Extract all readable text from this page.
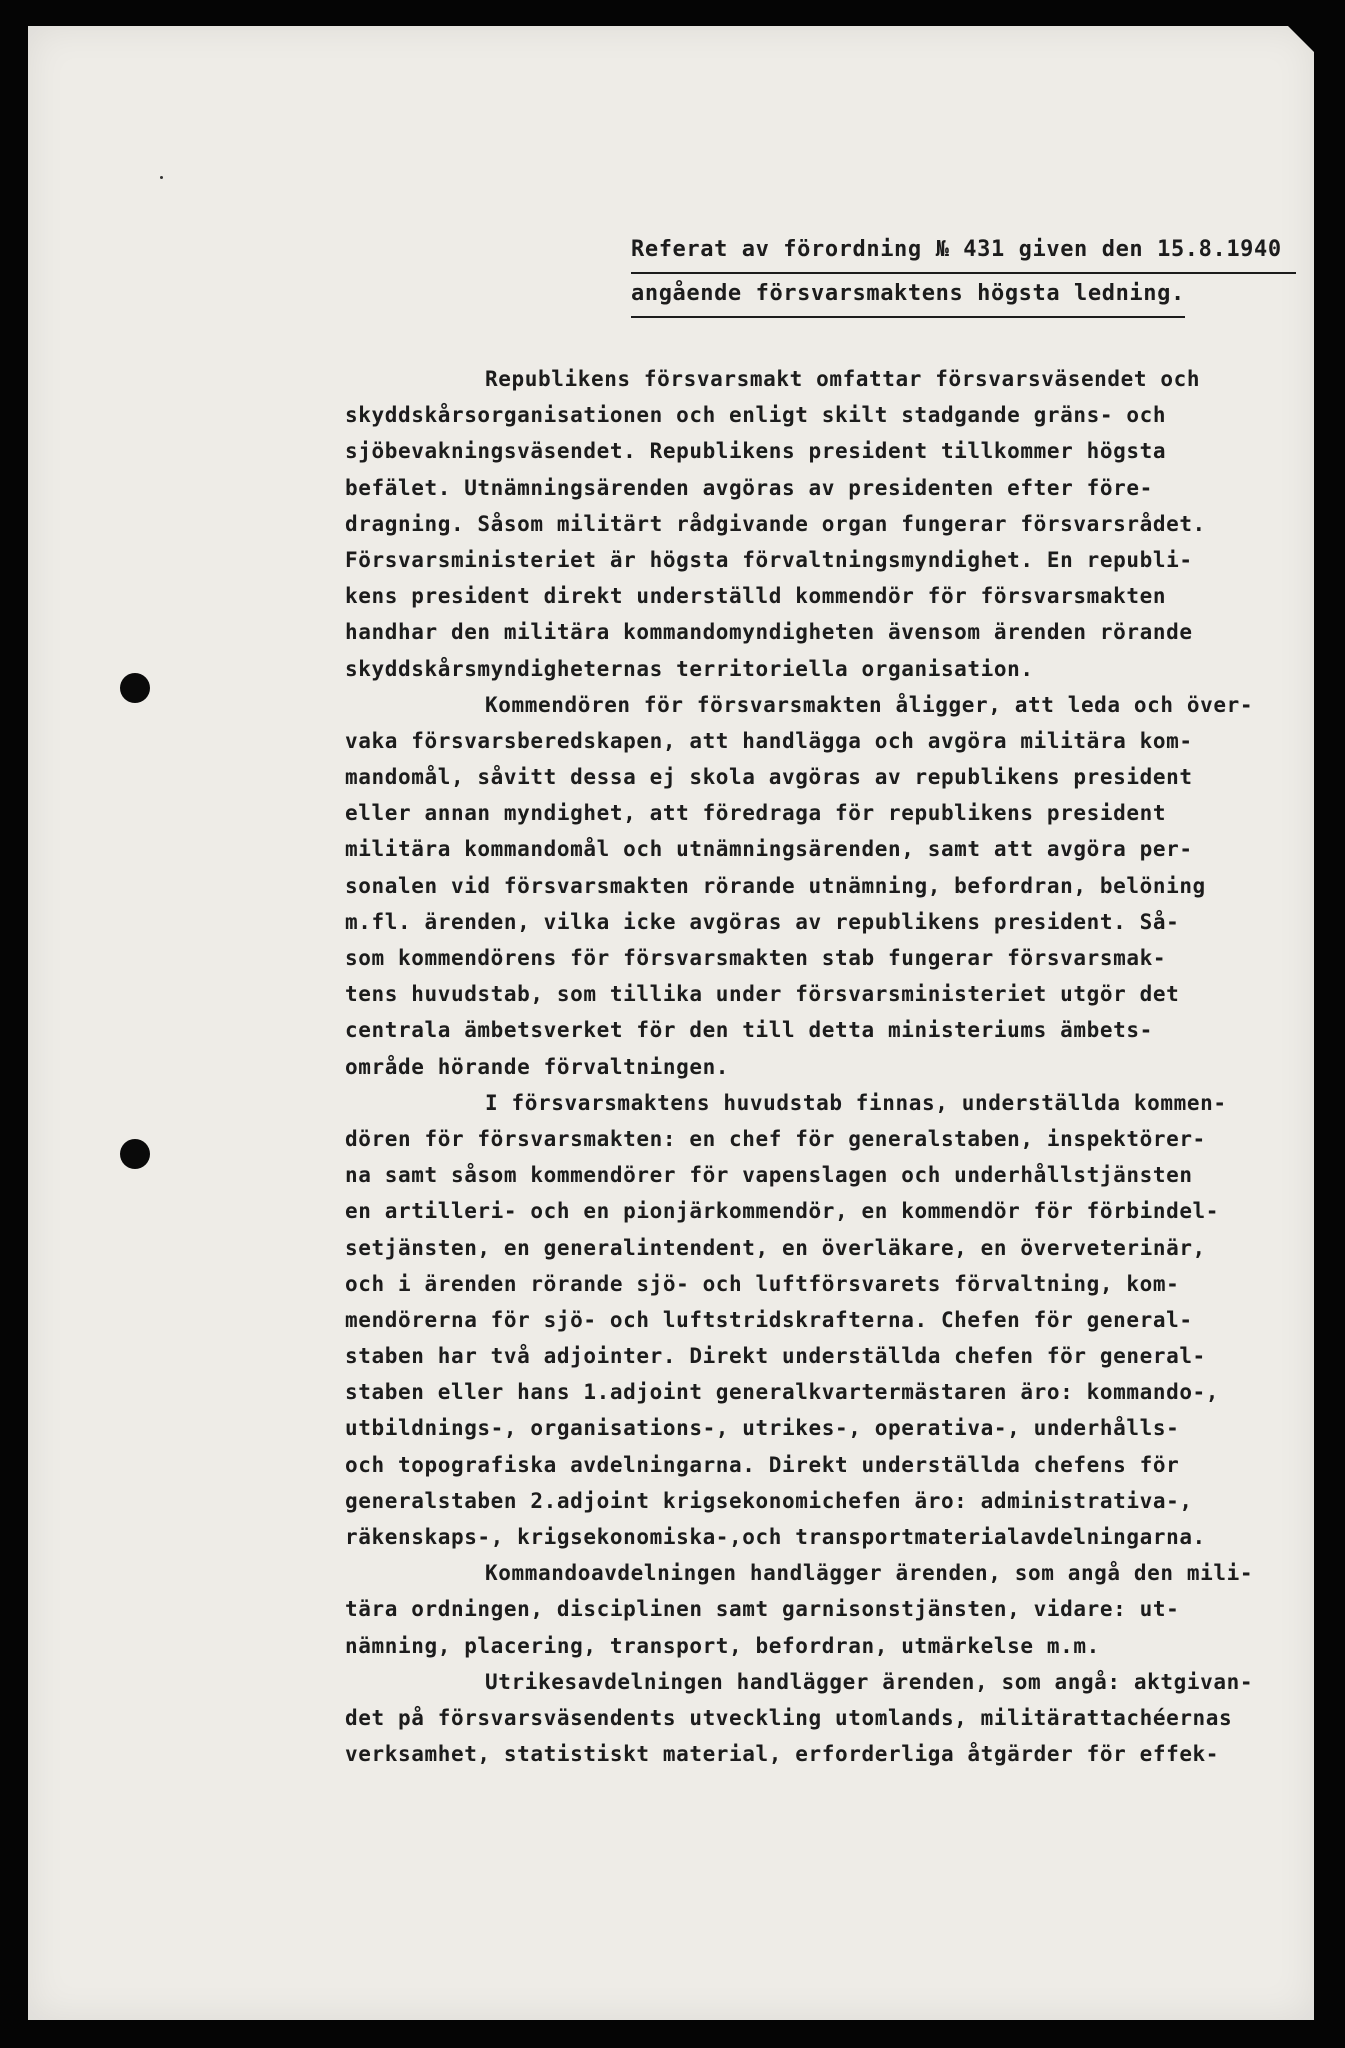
Referat av förordning № 431 given den 15.8.1940
angående försvarsmaktens högsta ledning.
Republikens försvarsmakt omfattar försvarsväsendet och
skyddskårsorganisationen och enligt skilt stadgande gräns- och
sjöbevakningsväsendet. Republikens president tillkommer högsta
befälet. Utnämningsärenden avgöras av presidenten efter före-
dragning. Såsom militärt rådgivande organ fungerar försvarsrådet.
Försvarsministeriet är högsta förvaltningsmyndighet. En republi-
kens president direkt underställd kommendör för försvarsmakten
handhar den militära kommandomyndigheten ävensom ärenden rörande
skyddskårsmyndigheternas territoriella organisation.
Kommendören för försvarsmakten åligger, att leda och över-
vaka försvarsberedskapen, att handlägga och avgöra militära kom-
mandomål, såvitt dessa ej skola avgöras av republikens president
eller annan myndighet, att föredraga för republikens president
militära kommandomål och utnämningsärenden, samt att avgöra per-
sonalen vid försvarsmakten rörande utnämning, befordran, belöning
m.fl. ärenden, vilka icke avgöras av republikens president. Så-
som kommendörens för försvarsmakten stab fungerar försvarsmak-
tens huvudstab, som tillika under försvarsministeriet utgör det
centrala ämbetsverket för den till detta ministeriums ämbets-
område hörande förvaltningen.
I försvarsmaktens huvudstab finnas, underställda kommen-
dören för försvarsmakten: en chef för generalstaben, inspektörer-
na samt såsom kommendörer för vapenslagen och underhållstjänsten
en artilleri- och en pionjärkommendör, en kommendör för förbindel-
setjänsten, en generalintendent, en överläkare, en överveterinär,
och i ärenden rörande sjö- och luftförsvarets förvaltning, kom-
mendörerna för sjö- och luftstridskrafterna. Chefen för general-
staben har två adjointer. Direkt underställda chefen för general-
staben eller hans 1.adjoint generalkvartermästaren äro: kommando-,
utbildnings-, organisations-, utrikes-, operativa-, underhålls-
och topografiska avdelningarna. Direkt underställda chefens för
generalstaben 2.adjoint krigsekonomichefen äro: administrativa-,
räkenskaps-, krigsekonomiska-,och transportmaterialavdelningarna.
Kommandoavdelningen handlägger ärenden, som angå den mili-
tära ordningen, disciplinen samt garnisonstjänsten, vidare: ut-
nämning, placering, transport, befordran, utmärkelse m.m.
Utrikesavdelningen handlägger ärenden, som angå: aktgivan-
det på försvarsväsendents utveckling utomlands, militärattachéernas
verksamhet, statistiskt material, erforderliga åtgärder för effek-
